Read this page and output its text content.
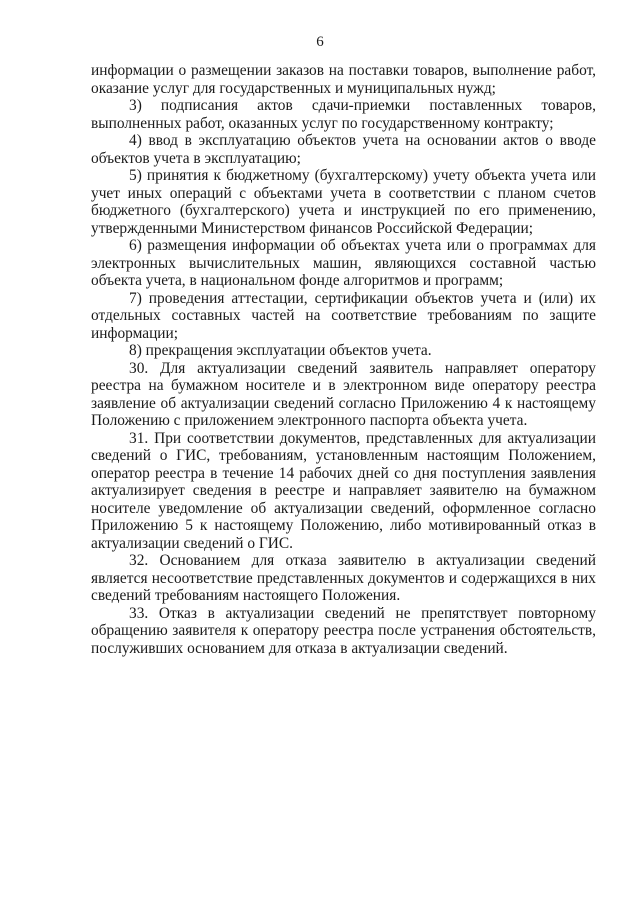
6

информации о размещении заказов на поставки товаров, выполнение работ, оказание услуг для государственных и муниципальных нужд;

3) подписания актов сдачи-приемки поставленных товаров, выполненных работ, оказанных услуг по государственному контракту;

4) ввод в эксплуатацию объектов учета на основании актов о вводе объектов учета в эксплуатацию;

5) принятия к бюджетному (бухгалтерскому) учету объекта учета или учет иных операций с объектами учета в соответствии с планом счетов бюджетного (бухгалтерского) учета и инструкцией по его применению, утвержденными Министерством финансов Российской Федерации;

6) размещения информации об объектах учета или о программах для электронных вычислительных машин, являющихся составной частью объекта учета, в национальном фонде алгоритмов и программ;

7) проведения аттестации, сертификации объектов учета и (или) их отдельных составных частей на соответствие требованиям по защите информации;

8) прекращения эксплуатации объектов учета.

30. Для актуализации сведений заявитель направляет оператору реестра на бумажном носителе и в электронном виде оператору реестра заявление об актуализации сведений согласно Приложению 4 к настоящему Положению с приложением электронного паспорта объекта учета.

31. При соответствии документов, представленных для актуализации сведений о ГИС, требованиям, установленным настоящим Положением, оператор реестра в течение 14 рабочих дней со дня поступления заявления актуализирует сведения в реестре и направляет заявителю на бумажном носителе уведомление об актуализации сведений, оформленное согласно Приложению 5 к настоящему Положению, либо мотивированный отказ в актуализации сведений о ГИС.

32. Основанием для отказа заявителю в актуализации сведений является несоответствие представленных документов и содержащихся в них сведений требованиям настоящего Положения.

33. Отказ в актуализации сведений не препятствует повторному обращению заявителя к оператору реестра после устранения обстоятельств, послуживших основанием для отказа в актуализации сведений.
